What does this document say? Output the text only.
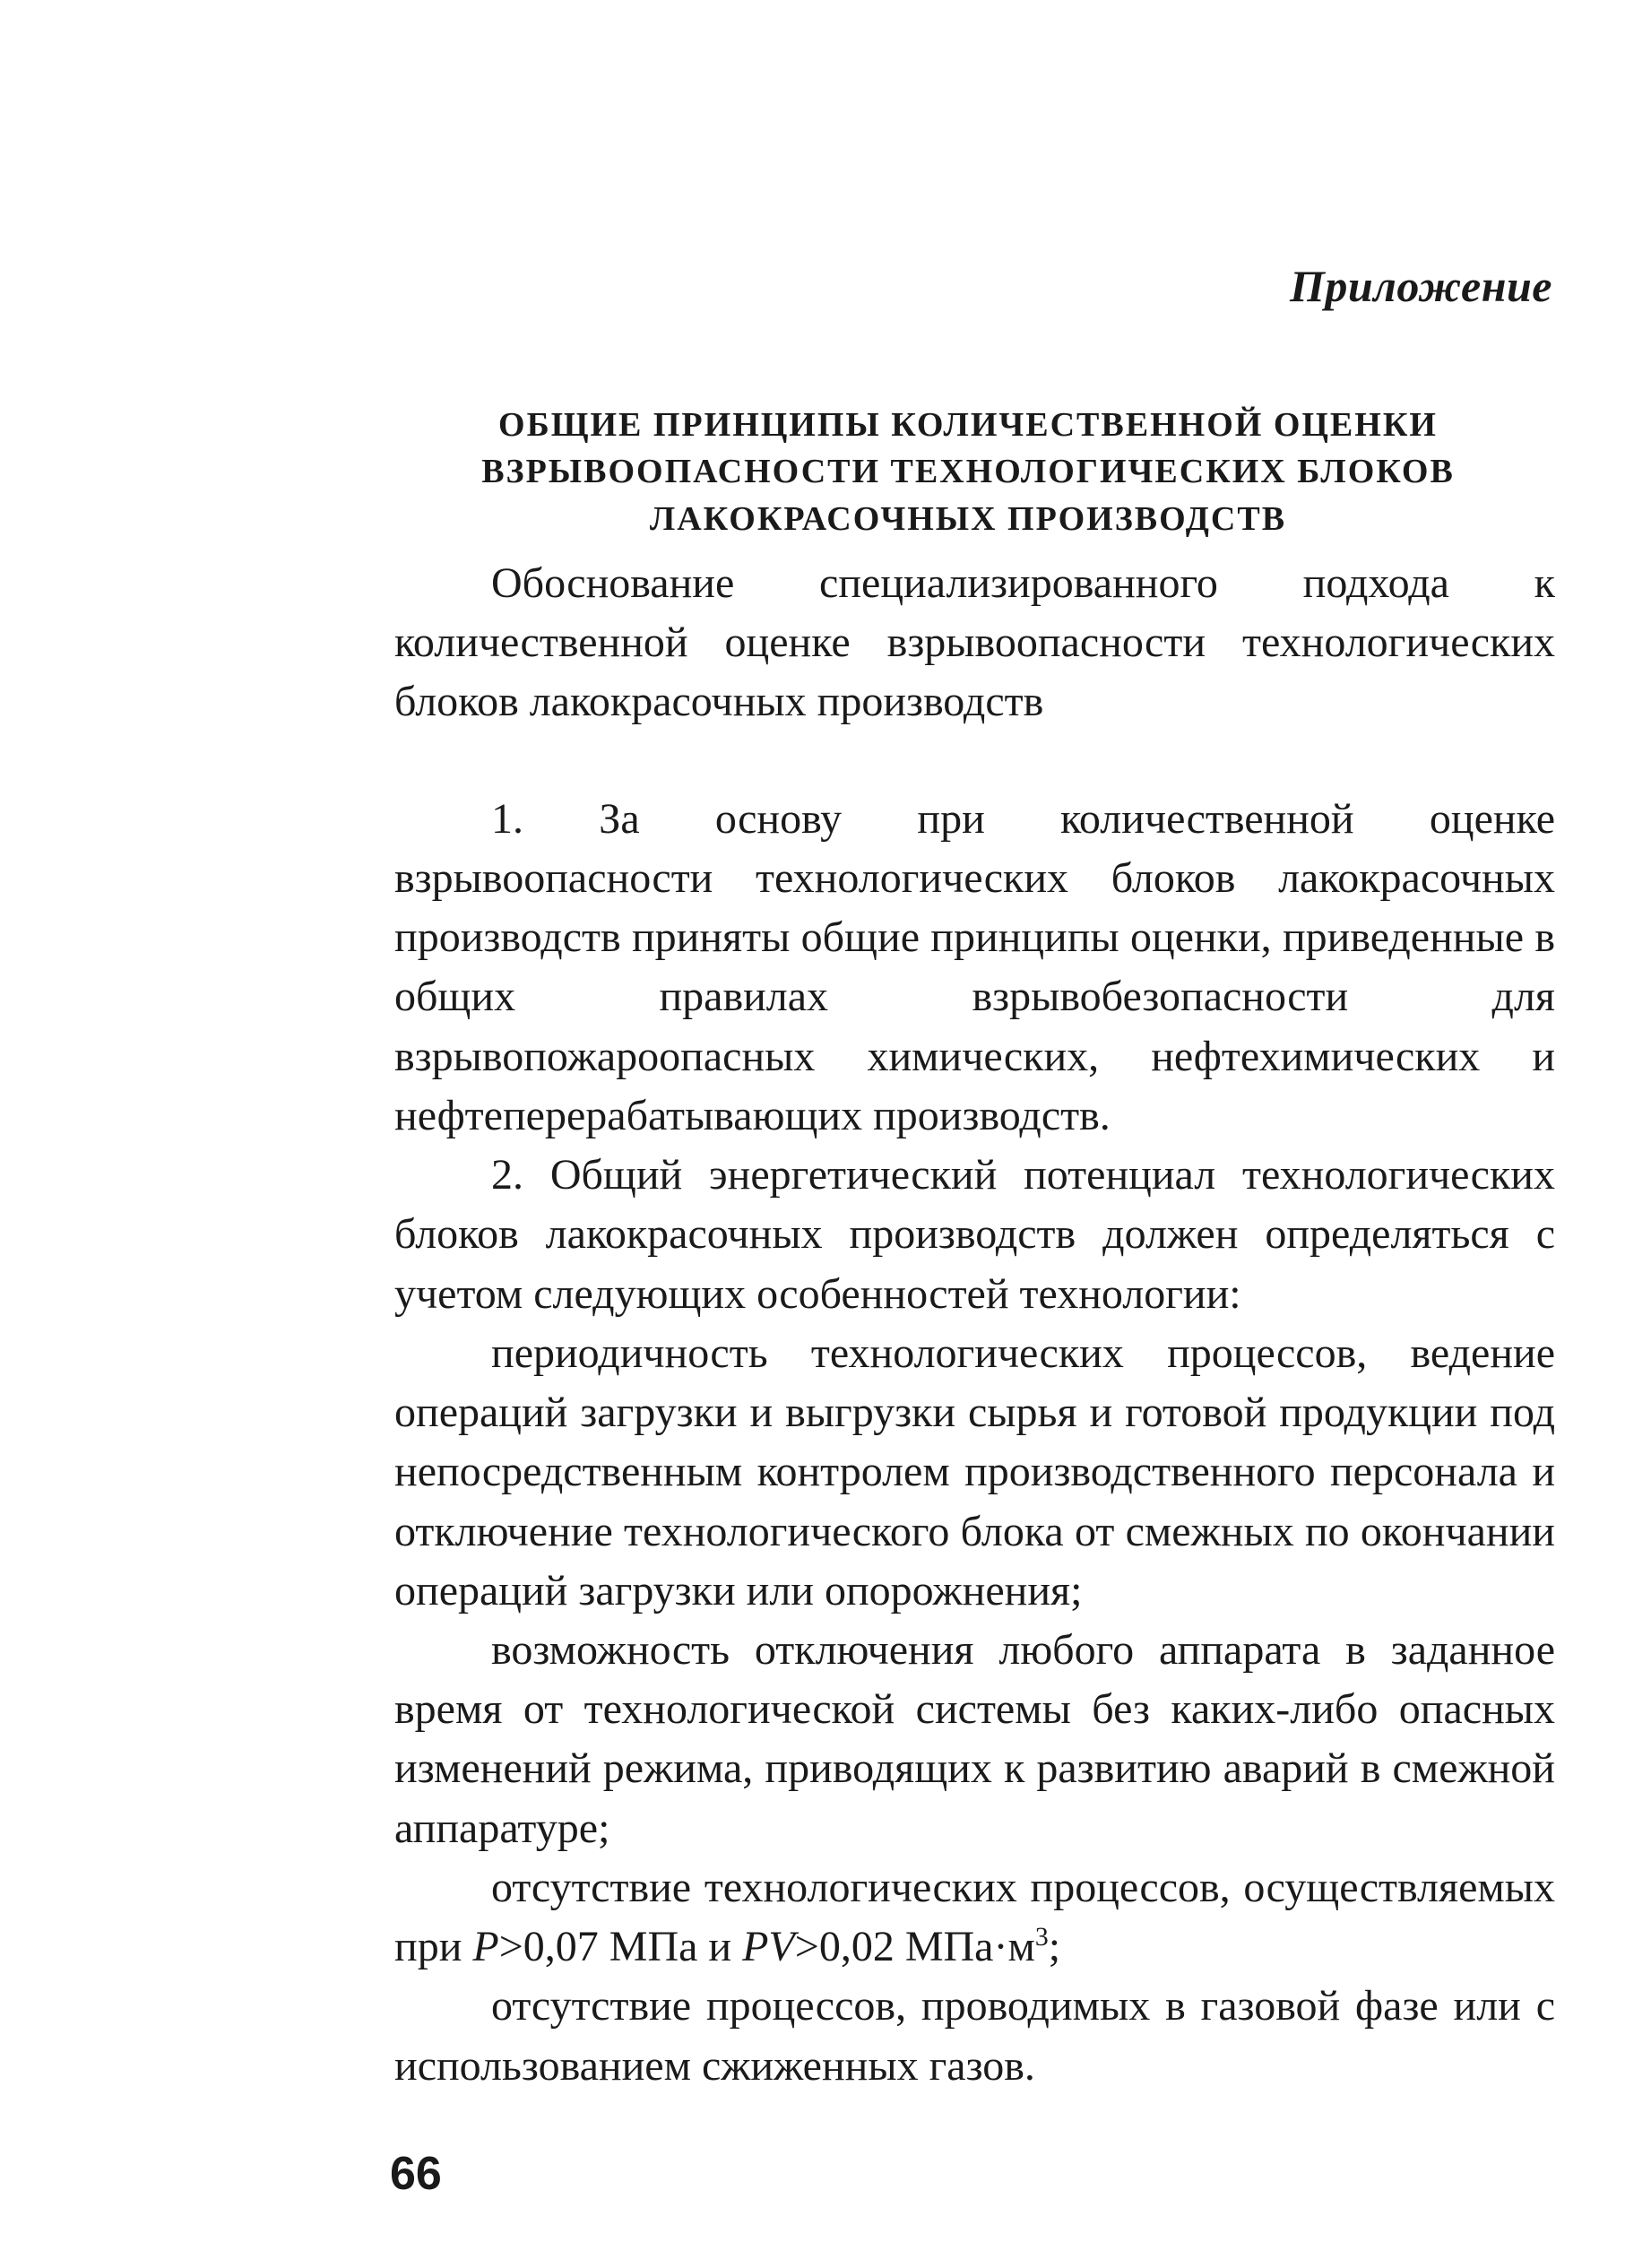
Приложение
ОБЩИЕ ПРИНЦИПЫ КОЛИЧЕСТВЕННОЙ ОЦЕНКИ
ВЗРЫВООПАСНОСТИ ТЕХНОЛОГИЧЕСКИХ БЛОКОВ
ЛАКОКРАСОЧНЫХ ПРОИЗВОДСТВ

Обоснование специализированного подхода к количественной оценке взрывоопасности технологических блоков лакокрасочных производств

1. За основу при количественной оценке взрывоопасности технологических блоков лакокрасочных производств приняты общие принципы оценки, приведенные в общих правилах взрывобезопасности для взрывопожароопасных химических, нефтехимических и нефтеперерабатывающих производств.

2. Общий энергетический потенциал технологических блоков лакокрасочных производств должен определяться с учетом следующих особенностей технологии:

периодичность технологических процессов, ведение операций загрузки и выгрузки сырья и готовой продукции под непосредственным контролем производственного персонала и отключение технологического блока от смежных по окончании операций загрузки или опорожнения;

возможность отключения любого аппарата в заданное время от технологической системы без каких-либо опасных изменений режима, приводящих к развитию аварий в смежной аппаратуре;

отсутствие технологических процессов, осуществляемых при P>0,07 МПа и PV>0,02 $МПа\cdot м^3$;

отсутствие процессов, проводимых в газовой фазе или с использованием сжиженных газов.

66
